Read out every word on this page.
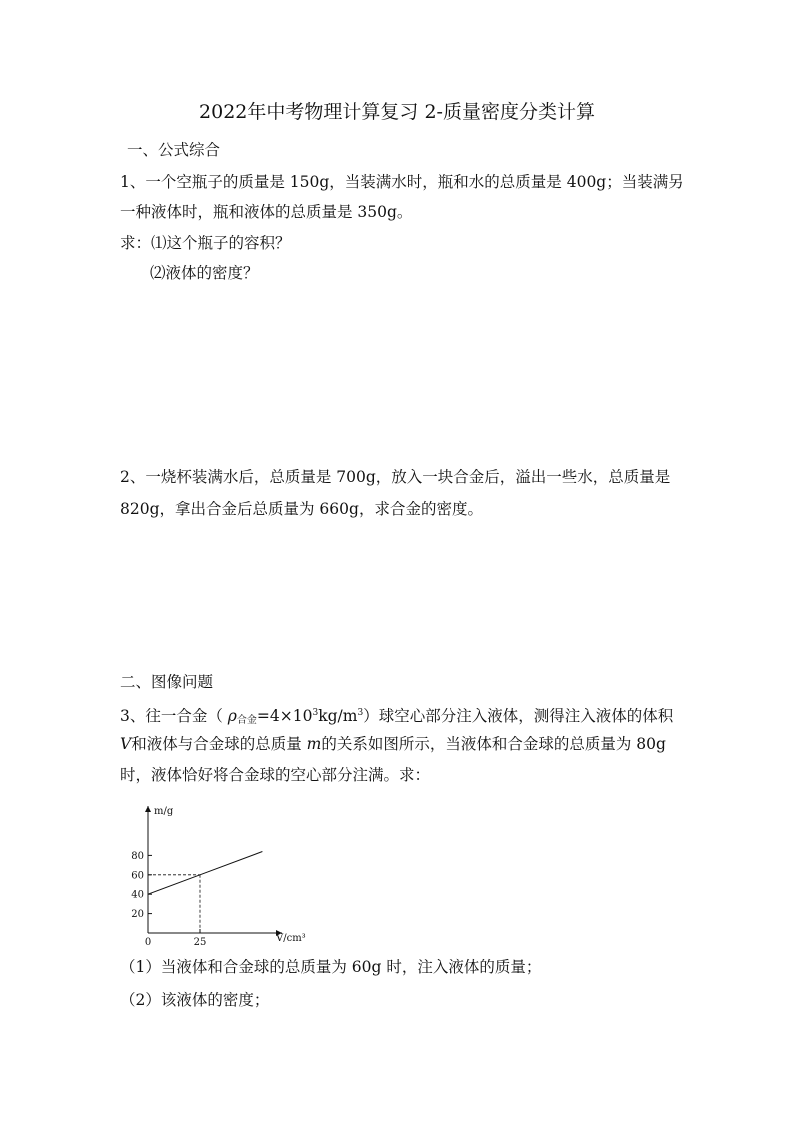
2022年中考物理计算复习 2-质量密度分类计算
一、公式综合
1、一个空瓶子的质量是 150g，当装满水时，瓶和水的总质量是 400g；当装满另
一种液体时，瓶和液体的总质量是 350g。
求：⑴这个瓶子的容积？
⑵液体的密度？
2、一烧杯装满水后，总质量是 700g，放入一块合金后，溢出一些水，总质量是
820g，拿出合金后总质量为 660g，求合金的密度。
二、图像问题
3、往一合金（ $\rho_{合金}=4\times 10^3kg/m^3$）球空心部分注入液体，测得注入液体的体积
V和液体与合金球的总质量 m的关系如图所示，当液体和合金球的总质量为 80g
时，液体恰好将合金球的空心部分注满。求：
20
40
60
80
0	25
m/g
V/cm³
（1）当液体和合金球的总质量为 60g 时，注入液体的质量；
（2）该液体的密度；
